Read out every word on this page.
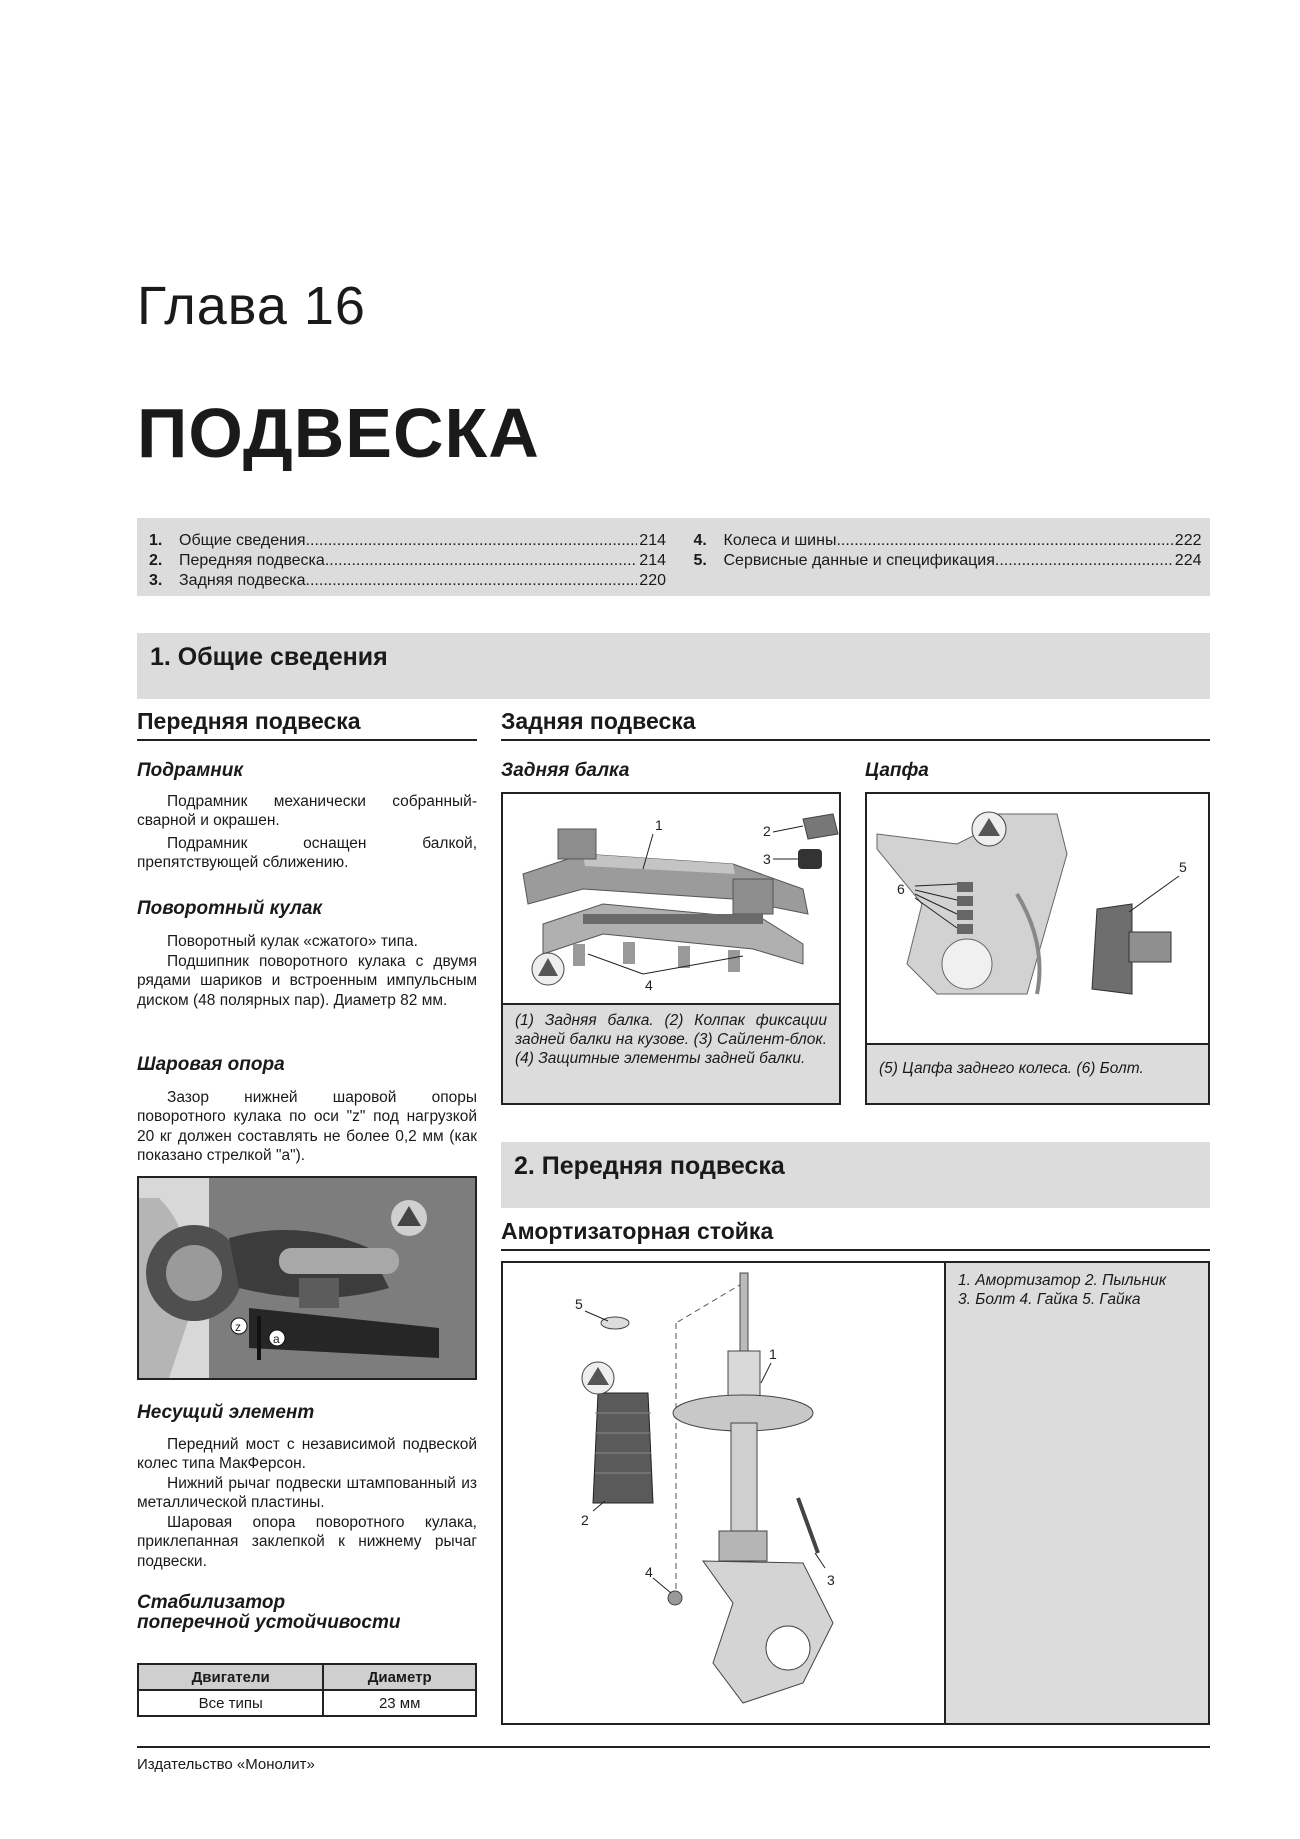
Глава 16
ПОДВЕСКА
1.	Общие сведения .....	214
2.	Передняя подвеска .....	214
3.	Задняя подвеска .....	220
4.	Колеса и шины .....	222
5.	Сервисные данные и спецификация .....	224
1. Общие сведения
Передняя подвеска
Подрамник
Подрамник механически собранный-сварной и окрашен.
Подрамник оснащен балкой, препятствующей сближению.
Поворотный кулак
Поворотный кулак «сжатого» типа.
Подшипник поворотного кулака с двумя рядами шариков и встроенным импульсным диском (48 полярных пар). Диаметр 82 мм.
Шаровая опора
Зазор нижней шаровой опоры поворотного кулака по оси "z" под нагрузкой 20 кг должен составлять не более 0,2 мм (как показано стрелкой "а").
z
a
Несущий элемент
Передний мост с независимой подвеской колес типа МакФерсон.
Нижний рычаг подвески штампованный из металлической пластины.
Шаровая опора поворотного кулака, приклепанная заклепкой к нижнему рычаг подвески.
Стабилизатор
поперечной устойчивости
Двигатели	Диаметр
Все типы	23 мм
Задняя подвеска
Задняя балка	Цапфа
1	2
3
4
(1) Задняя балка. (2) Колпак фиксации задней балки на кузове. (3) Сайлент-блок. (4) Защитные элементы задней балки.
6
5
(5) Цапфа заднего колеса. (6) Болт.
2. Передняя подвеска
Амортизаторная стойка
5
1
2
4	3
1. Амортизатор 2. Пыльник
3. Болт 4. Гайка 5. Гайка
Издательство «Монолит»
